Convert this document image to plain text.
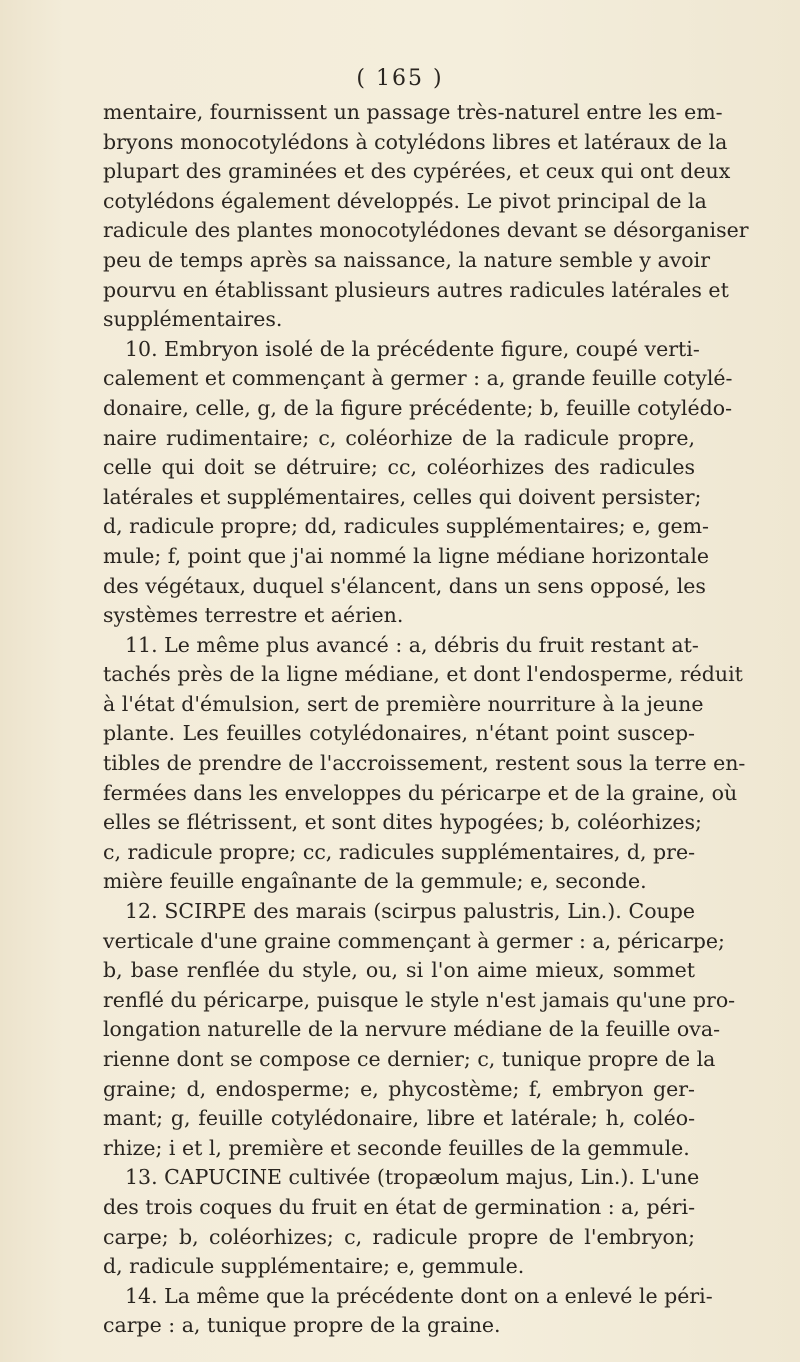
( 165 )
mentaire, fournissent un passage très-naturel entre les em-
bryons monocotylédons à cotylédons libres et latéraux de la
plupart des graminées et des cypérées, et ceux qui ont deux
cotylédons également développés. Le pivot principal de la
radicule des plantes monocotylédones devant se désorganiser
peu de temps après sa naissance, la nature semble y avoir
pourvu en établissant plusieurs autres radicules latérales et
supplémentaires.
10. Embryon isolé de la précédente figure, coupé verti-
calement et commençant à germer : a, grande feuille cotylé-
donaire, celle, g, de la figure précédente; b, feuille cotylédo-
naire rudimentaire; c, coléorhize de la radicule propre,
celle qui doit se détruire; cc, coléorhizes des radicules
latérales et supplémentaires, celles qui doivent persister;
d, radicule propre; dd, radicules supplémentaires; e, gem-
mule; f, point que j'ai nommé la ligne médiane horizontale
des végétaux, duquel s'élancent, dans un sens opposé, les
systèmes terrestre et aérien.
11. Le même plus avancé : a, débris du fruit restant at-
tachés près de la ligne médiane, et dont l'endosperme, réduit
à l'état d'émulsion, sert de première nourriture à la jeune
plante. Les feuilles cotylédonaires, n'étant point suscep-
tibles de prendre de l'accroissement, restent sous la terre en-
fermées dans les enveloppes du péricarpe et de la graine, où
elles se flétrissent, et sont dites hypogées; b, coléorhizes;
c, radicule propre; cc, radicules supplémentaires, d, pre-
mière feuille engaînante de la gemmule; e, seconde.
12. SCIRPE des marais (scirpus palustris, Lin.). Coupe
verticale d'une graine commençant à germer : a, péricarpe;
b, base renflée du style, ou, si l'on aime mieux, sommet
renflé du péricarpe, puisque le style n'est jamais qu'une pro-
longation naturelle de la nervure médiane de la feuille ova-
rienne dont se compose ce dernier; c, tunique propre de la
graine; d, endosperme; e, phycostème; f, embryon ger-
mant; g, feuille cotylédonaire, libre et latérale; h, coléo-
rhize; i et l, première et seconde feuilles de la gemmule.
13. CAPUCINE cultivée (tropæolum majus, Lin.). L'une
des trois coques du fruit en état de germination : a, péri-
carpe; b, coléorhizes; c, radicule propre de l'embryon;
d, radicule supplémentaire; e, gemmule.
14. La même que la précédente dont on a enlevé le péri-
carpe : a, tunique propre de la graine.
